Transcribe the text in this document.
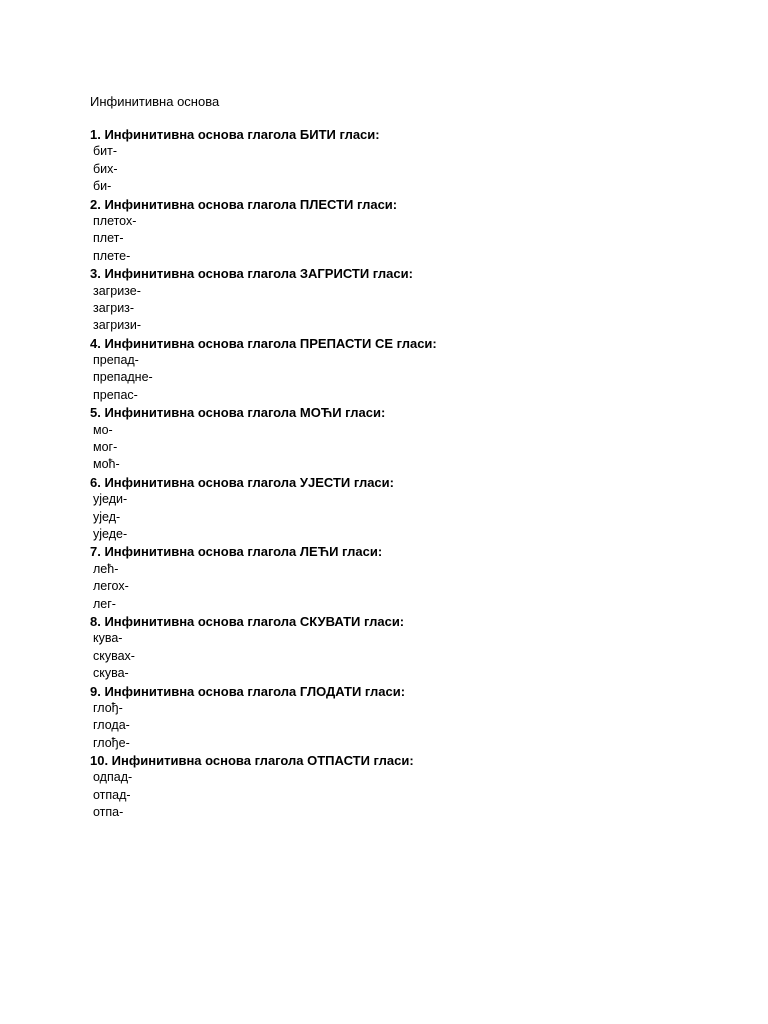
Инфинитивна основа
1. Инфинитивна основа глагола БИТИ гласи:
бит-
бих-
би-
2. Инфинитивна основа глагола ПЛЕСТИ гласи:
плетох-
плет-
плете-
3. Инфинитивна основа глагола ЗАГРИСТИ гласи:
загризе-
загриз-
загризи-
4. Инфинитивна основа глагола ПРЕПАСТИ СЕ гласи:
препад-
препадне-
препас-
5. Инфинитивна основа глагола МОЋИ гласи:
мо-
мог-
моћ-
6. Инфинитивна основа глагола УЈЕСТИ гласи:
уједи-
ујед-
уједе-
7. Инфинитивна основа глагола ЛЕЋИ гласи:
лећ-
легох-
лег-
8. Инфинитивна основа глагола СКУВАТИ гласи:
кува-
скувах-
скува-
9. Инфинитивна основа глагола ГЛОДАТИ гласи:
глођ-
глода-
глође-
10. Инфинитивна основа глагола ОТПАСТИ гласи:
одпад-
отпад-
отпа-
